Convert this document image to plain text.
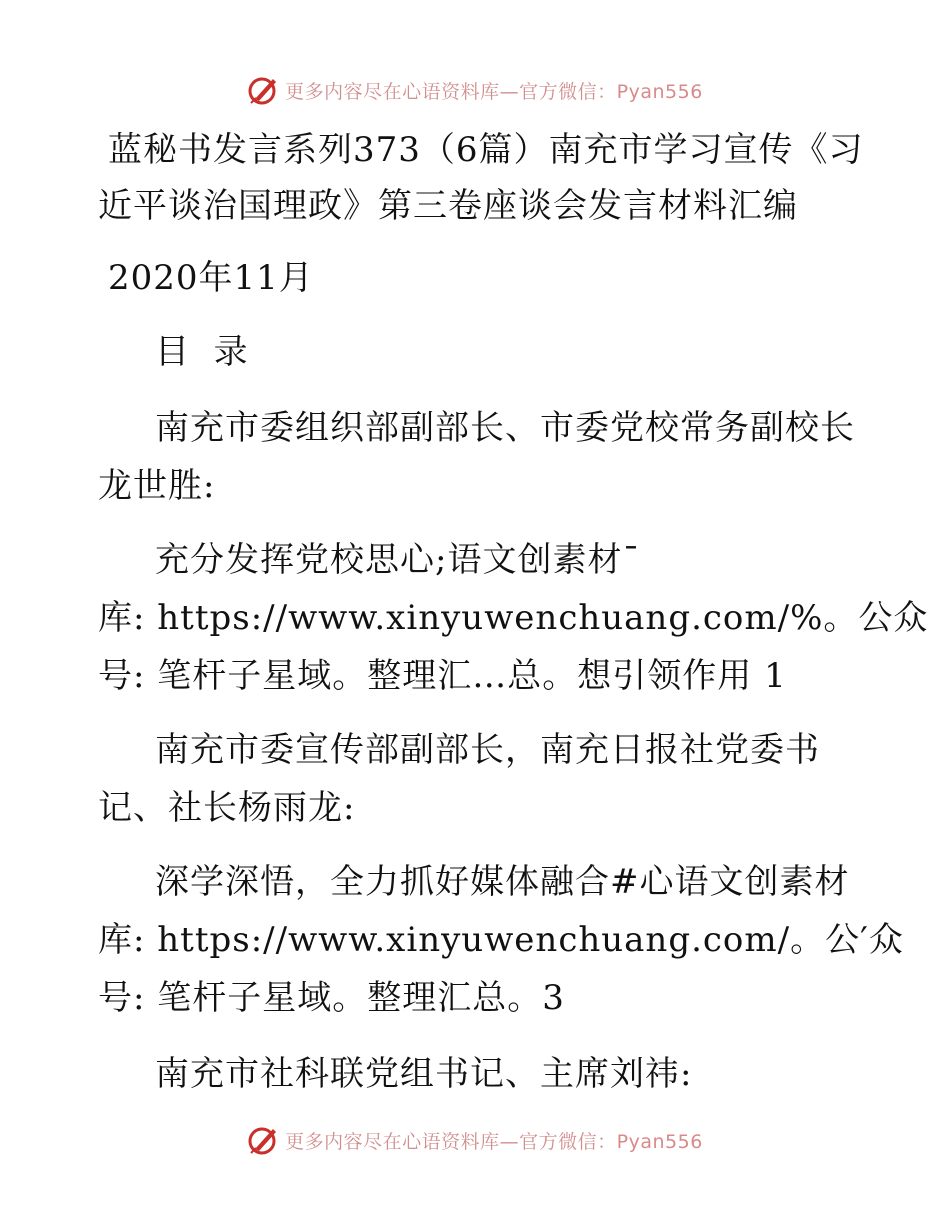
更多内容尽在心语资料库—官方微信：Pyan556
蓝秘书发言系列373（6篇）南充市学习宣传《习
近平谈治国理政》第三卷座谈会发言材料汇编
2020年11月
目  录
南充市委组织部副部长、市委党校常务副校长
龙世胜:
充分发挥党校思心;语文创素材¯
库: https://www.xinyuwenchuang.com/%。公众
号: 笔杆子星域。整理汇…总。想引领作用 1
南充市委宣传部副部长，南充日报社党委书
记、社长杨雨龙:
深学深悟，全力抓好媒体融合#心语文创素材
库: https://www.xinyuwenchuang.com/。公′众
号: 笔杆子星域。整理汇总。3
南充市社科联党组书记、主席刘祎:
更多内容尽在心语资料库—官方微信：Pyan556
